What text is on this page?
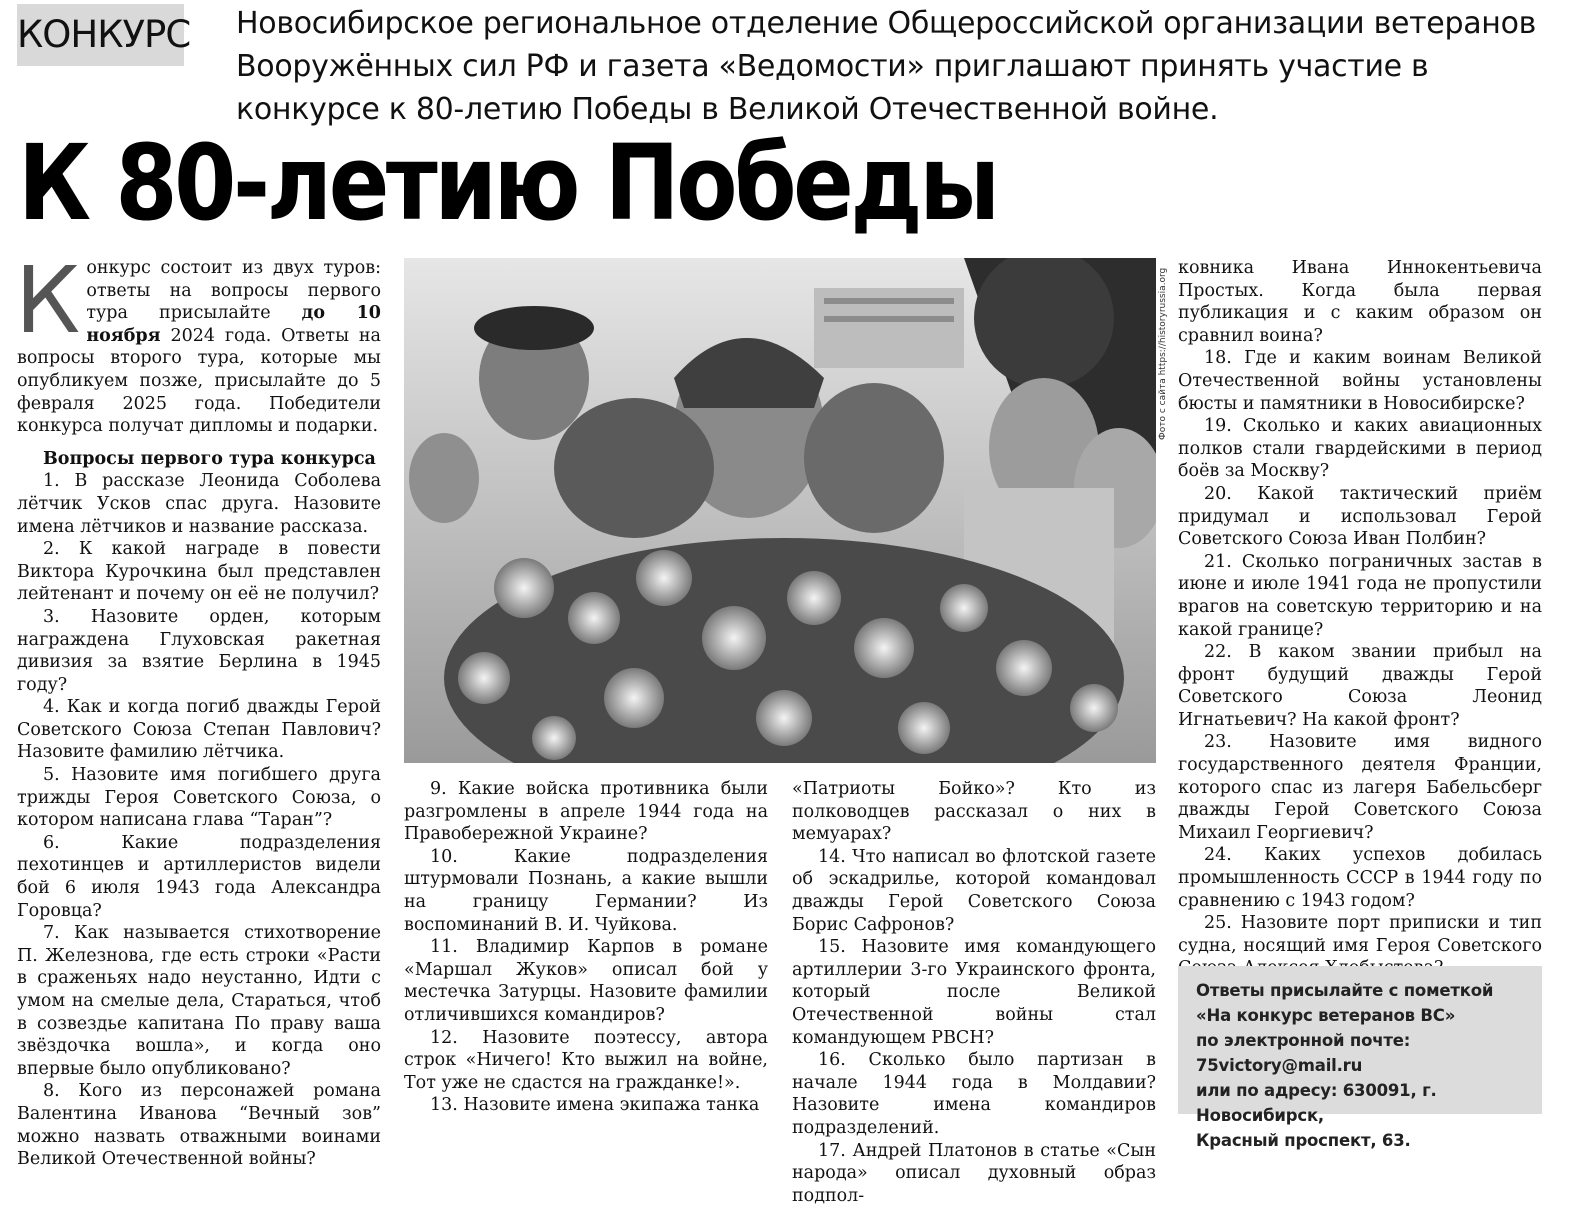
КОНКУРС Новосибирское региональное отделение Общероссийской организации ветеранов Вооружённых сил РФ и газета «Ведомости» приглашают принять участие в конкурсе к 80-летию Победы в Великой Отечественной войне.
К 80-летию Победы

Конкурс состоит из двух туров: ответы на вопросы первого тура присылайте до 10 ноября 2024 года. Ответы на вопросы второго тура, которые мы опубликуем позже, присылайте до 5 февраля 2025 года. Победители конкурса получат дипломы и подарки.

Вопросы первого тура конкурса

1. В рассказе Леонида Соболева лётчик Усков спас друга. Назовите имена лётчиков и название рассказа.

2. К какой награде в повести Виктора Курочкина был представлен лейтенант и почему он её не получил?

3. Назовите орден, которым награждена Глуховская ракетная дивизия за взятие Берлина в 1945 году?

4. Как и когда погиб дважды Герой Советского Союза Степан Павлович? Назовите фамилию лётчика.

5. Назовите имя погибшего друга трижды Героя Советского Союза, о котором написана глава “Таран”?

6. Какие подразделения пехотинцев и артиллеристов видели бой 6 июля 1943 года Александра Горовца?

7. Как называется стихотворение П. Железнова, где есть строки «Расти в сраженьях надо неустанно, Идти с умом на смелые дела, Стараться, чтоб в созвездье капитана По праву ваша звёздочка вошла», и когда оно впервые было опубликовано?

8. Кого из персонажей романа Валентина Иванова “Вечный зов” можно назвать отважными воинами Великой Отечественной войны?

Фото с сайта https://historyrussia.org

9. Какие войска противника были разгромлены в апреле 1944 года на Правобережной Украине?

10. Какие подразделения штурмовали Познань, а какие вышли на границу Германии? Из воспоминаний В. И. Чуйкова.

11. Владимир Карпов в романе «Маршал Жуков» описал бой у местечка Затурцы. Назовите фамилии отличившихся командиров?

12. Назовите поэтессу, автора строк «Ничего! Кто выжил на войне, Тот уже не сдастся на гражданке!».

13. Назовите имена экипажа танка

«Патриоты Бойко»? Кто из полководцев рассказал о них в мемуарах?

14. Что написал во флотской газете об эскадрилье, которой командовал дважды Герой Советского Союза Борис Сафронов?

15. Назовите имя командующего артиллерии 3-го Украинского фронта, который после Великой Отечественной войны стал командующем РВСН?

16. Сколько было партизан в начале 1944 года в Молдавии? Назовите имена командиров подразделений.

17. Андрей Платонов в статье «Сын народа» описал духовный образ подпол-

ковника Ивана Иннокентьевича Простых. Когда была первая публикация и с каким образом он сравнил воина?

18. Где и каким воинам Великой Отечественной войны установлены бюсты и памятники в Новосибирске?

19. Сколько и каких авиационных полков стали гвардейскими в период боёв за Москву?

20. Какой тактический приём придумал и использовал Герой Советского Союза Иван Полбин?

21. Сколько пограничных застав в июне и июле 1941 года не пропустили врагов на советскую территорию и на какой границе?

22. В каком звании прибыл на фронт будущий дважды Герой Советского Союза Леонид Игнатьевич? На какой фронт?

23. Назовите имя видного государственного деятеля Франции, которого спас из лагеря Бабельсберг дважды Герой Советского Союза Михаил Георгиевич?

24. Каких успехов добилась промышленность СССР в 1944 году по сравнению с 1943 годом?

25. Назовите порт приписки и тип судна, носящий имя Героя Советского

Ответы присылайте с пометкой
«На конкурс ветеранов ВС»
по электронной почте: 75victory@mail.ru
или по адресу: 630091, г. Новосибирск,
Красный проспект, 63.
